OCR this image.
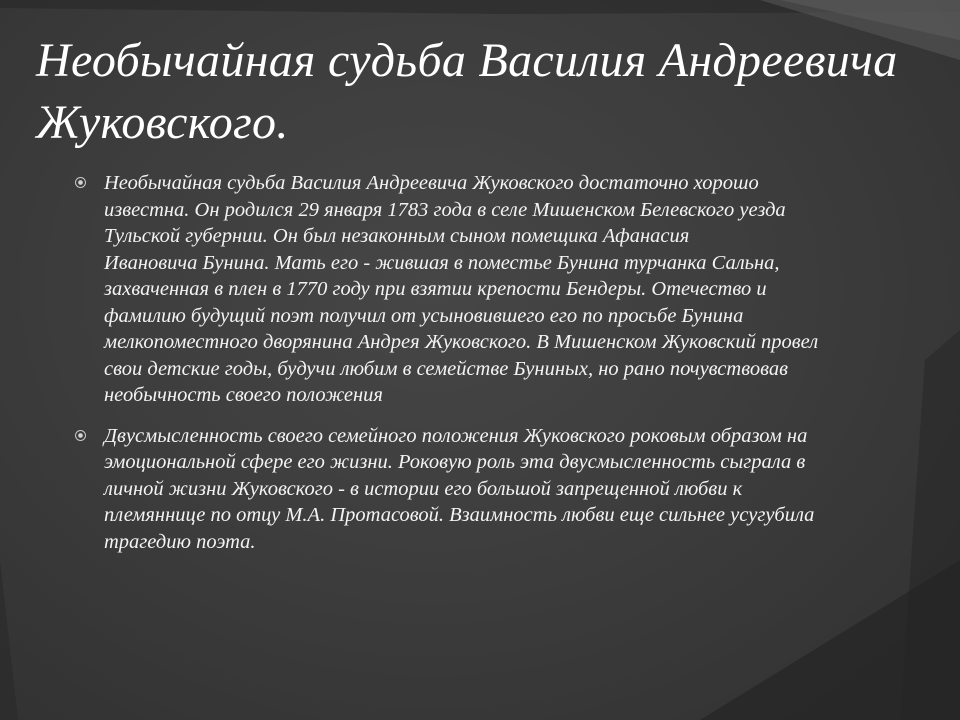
Необычайная судьба Василия Андреевича
Жуковского.
Необычайная судьба Василия Андреевича Жуковского достаточно хорошо известна. Он родился 29 января 1783 года в селе Мишенском Белевского уезда Тульской губернии. Он был незаконным сыном помещика Афанасия
Ивановича Бунина. Мать его - жившая в поместье Бунина турчанка Сальна, захваченная в плен в 1770 году при взятии крепости Бендеры. Отечество и фамилию будущий поэт получил от усыновившего его по просьбе Бунина мелкопоместного дворянина Андрея Жуковского. В Мишенском Жуковский провел свои детские годы, будучи любим в семействе Буниных, но рано почувствовав необычность своего положения
Двусмысленность своего семейного положения Жуковского роковым образом на эмоциональной сфере его жизни. Роковую роль эта двусмысленность сыграла в личной жизни Жуковского - в истории его большой запрещенной любви к племяннице по отцу М.А. Протасовой. Взаимность любви еще сильнее усугубила трагедию поэта.
